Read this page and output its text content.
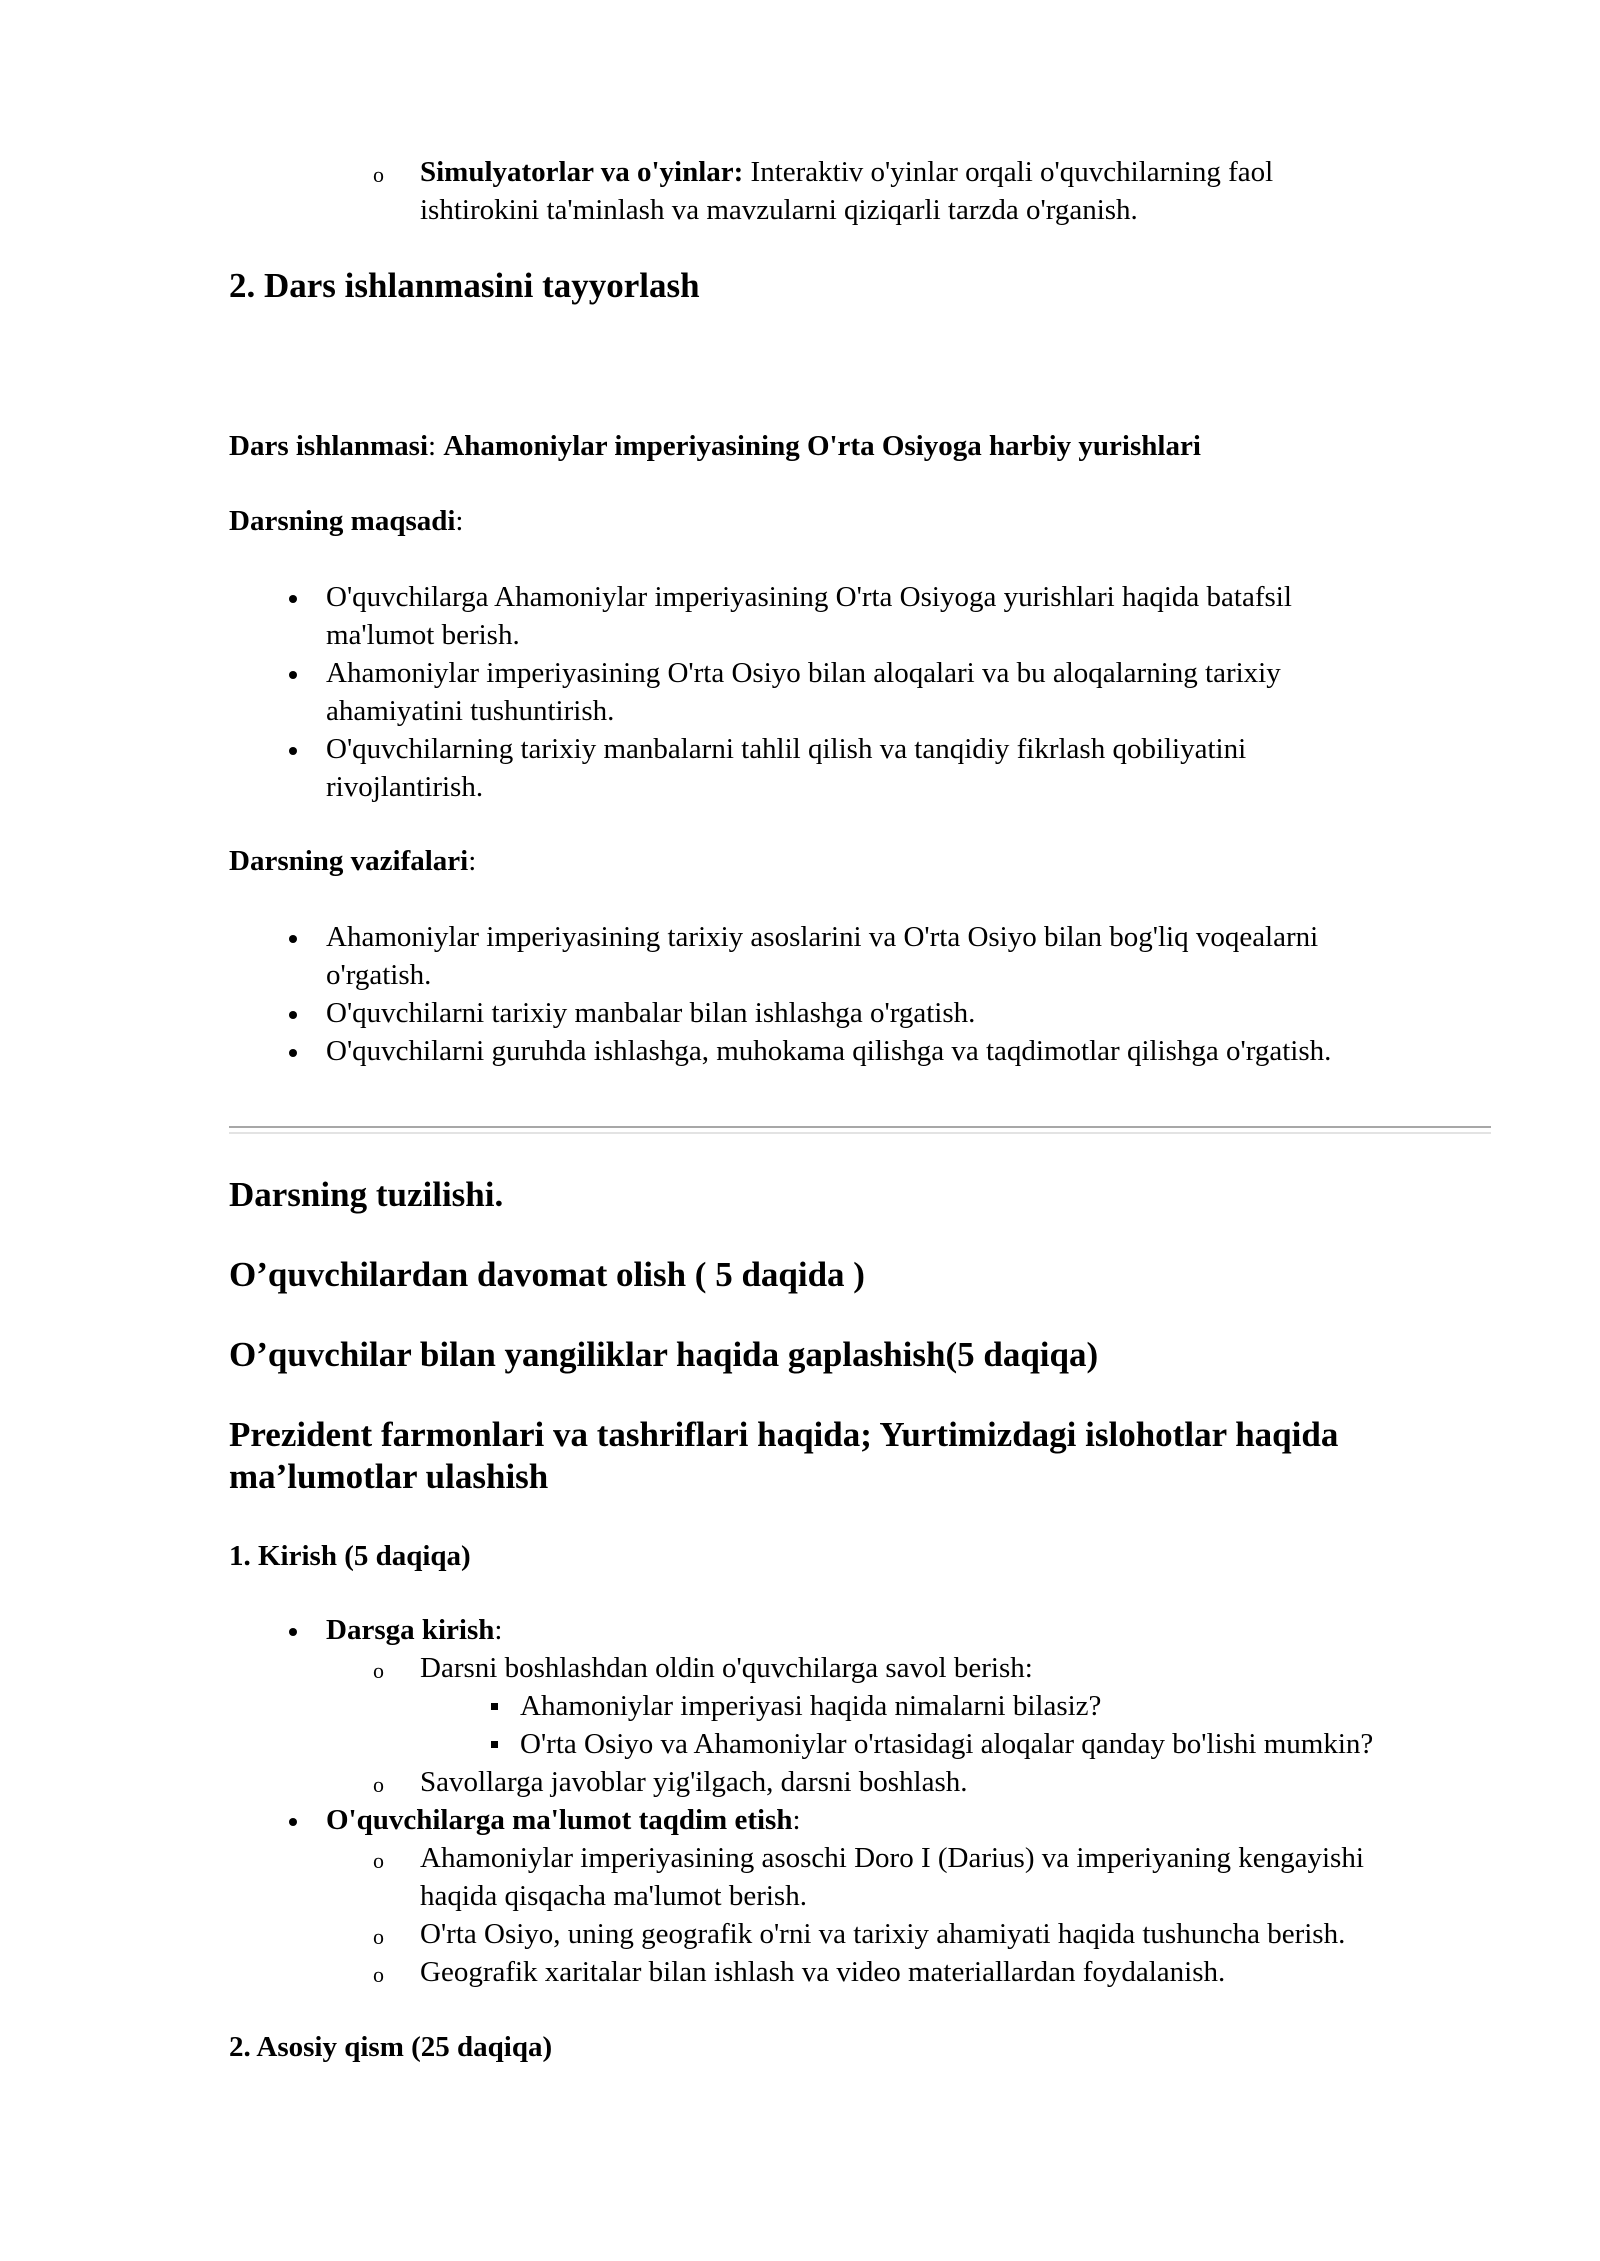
o Simulyatorlar va o'yinlar: Interaktiv o'yinlar orqali o'quvchilarning faol
ishtirokini ta'minlash va mavzularni qiziqarli tarzda o'rganish.
2. Dars ishlanmasini tayyorlash
Dars ishlanmasi: Ahamoniylar imperiyasining O'rta Osiyoga harbiy yurishlari
Darsning maqsadi:
O'quvchilarga Ahamoniylar imperiyasining O'rta Osiyoga yurishlari haqida batafsil
ma'lumot berish.
Ahamoniylar imperiyasining O'rta Osiyo bilan aloqalari va bu aloqalarning tarixiy
ahamiyatini tushuntirish.
O'quvchilarning tarixiy manbalarni tahlil qilish va tanqidiy fikrlash qobiliyatini
rivojlantirish.
Darsning vazifalari:
Ahamoniylar imperiyasining tarixiy asoslarini va O'rta Osiyo bilan bog'liq voqealarni
o'rgatish.
O'quvchilarni tarixiy manbalar bilan ishlashga o'rgatish.
O'quvchilarni guruhda ishlashga, muhokama qilishga va taqdimotlar qilishga o'rgatish.
Darsning tuzilishi.
O’quvchilardan davomat olish ( 5 daqida )
O’quvchilar bilan yangiliklar haqida gaplashish(5 daqiqa)
Prezident farmonlari va tashriflari haqida; Yurtimizdagi islohotlar haqida
ma’lumotlar ulashish
1. Kirish (5 daqiqa)
Darsga kirish:
o Darsni boshlashdan oldin o'quvchilarga savol berish:
Ahamoniylar imperiyasi haqida nimalarni bilasiz?
O'rta Osiyo va Ahamoniylar o'rtasidagi aloqalar qanday bo'lishi mumkin?
o Savollarga javoblar yig'ilgach, darsni boshlash.
O'quvchilarga ma'lumot taqdim etish:
o Ahamoniylar imperiyasining asoschi Doro I (Darius) va imperiyaning kengayishi
haqida qisqacha ma'lumot berish.
o O'rta Osiyo, uning geografik o'rni va tarixiy ahamiyati haqida tushuncha berish.
o Geografik xaritalar bilan ishlash va video materiallardan foydalanish.
2. Asosiy qism (25 daqiqa)
